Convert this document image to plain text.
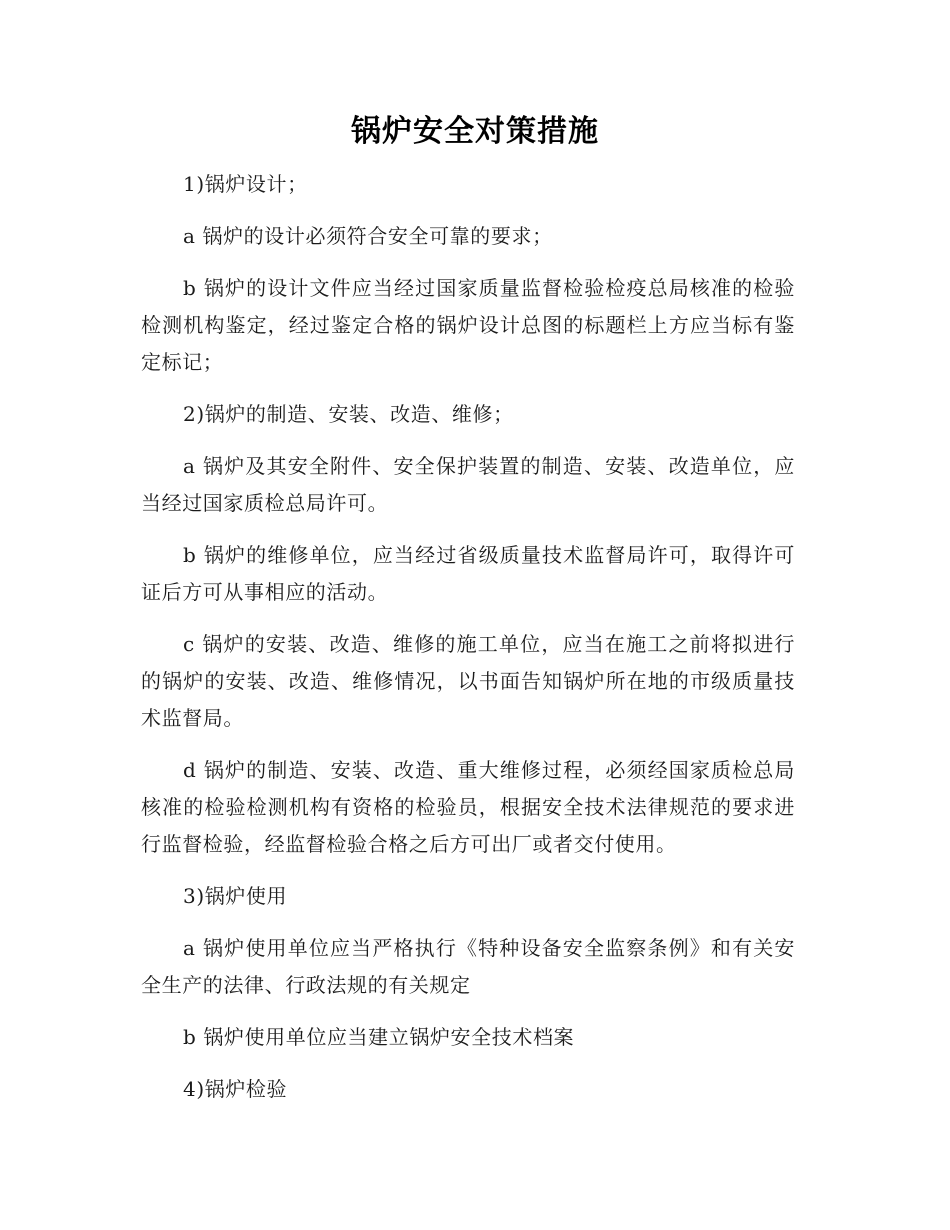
锅炉安全对策措施

1)锅炉设计；

a 锅炉的设计必须符合安全可靠的要求；

b 锅炉的设计文件应当经过国家质量监督检验检疫总局核准的检验检测机构鉴定，经过鉴定合格的锅炉设计总图的标题栏上方应当标有鉴定标记；

2)锅炉的制造、安装、改造、维修；

a 锅炉及其安全附件、安全保护装置的制造、安装、改造单位，应当经过国家质检总局许可。

b 锅炉的维修单位，应当经过省级质量技术监督局许可，取得许可证后方可从事相应的活动。

c 锅炉的安装、改造、维修的施工单位，应当在施工之前将拟进行的锅炉的安装、改造、维修情况，以书面告知锅炉所在地的市级质量技术监督局。

d 锅炉的制造、安装、改造、重大维修过程，必须经国家质检总局核准的检验检测机构有资格的检验员，根据安全技术法律规范的要求进行监督检验，经监督检验合格之后方可出厂或者交付使用。

3)锅炉使用

a 锅炉使用单位应当严格执行《特种设备安全监察条例》和有关安全生产的法律、行政法规的有关规定

b 锅炉使用单位应当建立锅炉安全技术档案

4)锅炉检验
